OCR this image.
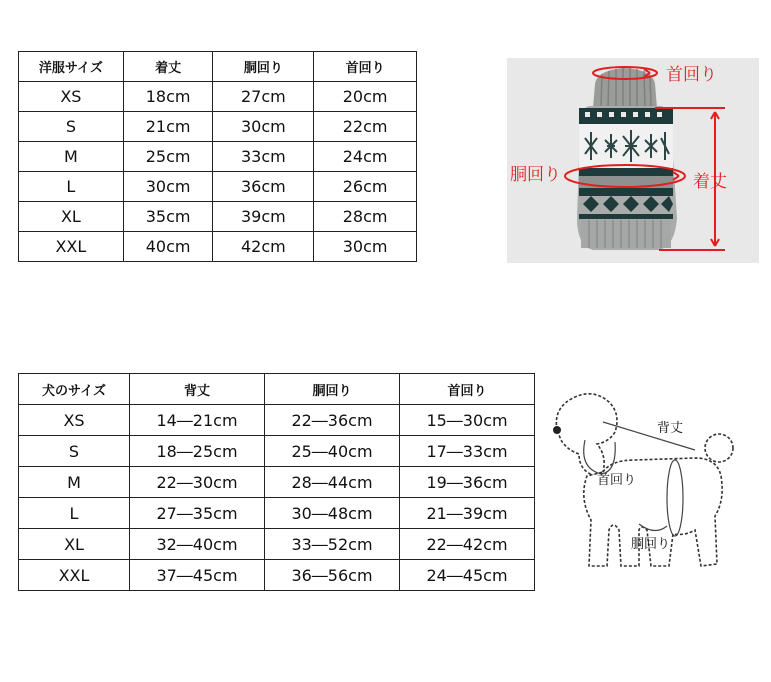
洋服サイズ	着丈	胴回り	首回り
XS	18cm	27cm	20cm
S	21cm	30cm	22cm
M	25cm	33cm	24cm
L	30cm	36cm	26cm
XL	35cm	39cm	28cm
XXL	40cm	42cm	30cm
首回り
胴回り	着丈
犬のサイズ	背丈	胴回り	首回り
XS	14―21cm	22―36cm	15―30cm
S	18―25cm	25―40cm	17―33cm
M	22―30cm	28―44cm	19―36cm
L	27―35cm	30―48cm	21―39cm
XL	32―40cm	33―52cm	22―42cm
XXL	37―45cm	36―56cm	24―45cm
背丈
首回り
胴回り
